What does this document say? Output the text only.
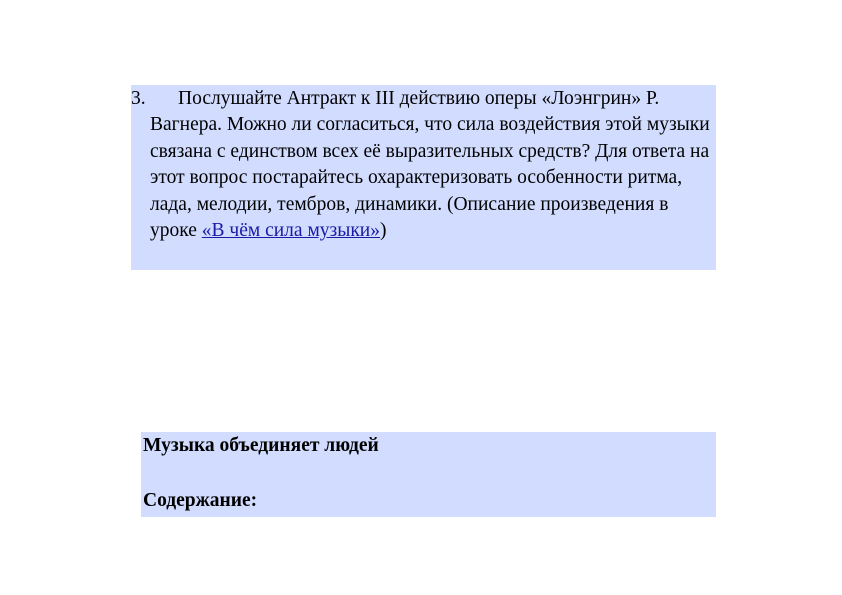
3.	Послушайте Антракт к III действию оперы «Лоэнгрин» Р. Вагнера. Можно ли согласиться, что сила воздействия этой музыки связана с единством всех её выразительных средств? Для ответа на этот вопрос постарайтесь охарактеризовать особенности ритма, лада, мелодии, тембров, динамики. (Описание произведения в уроке «В чём сила музыки»)
Музыка объединяет людей
Содержание:
